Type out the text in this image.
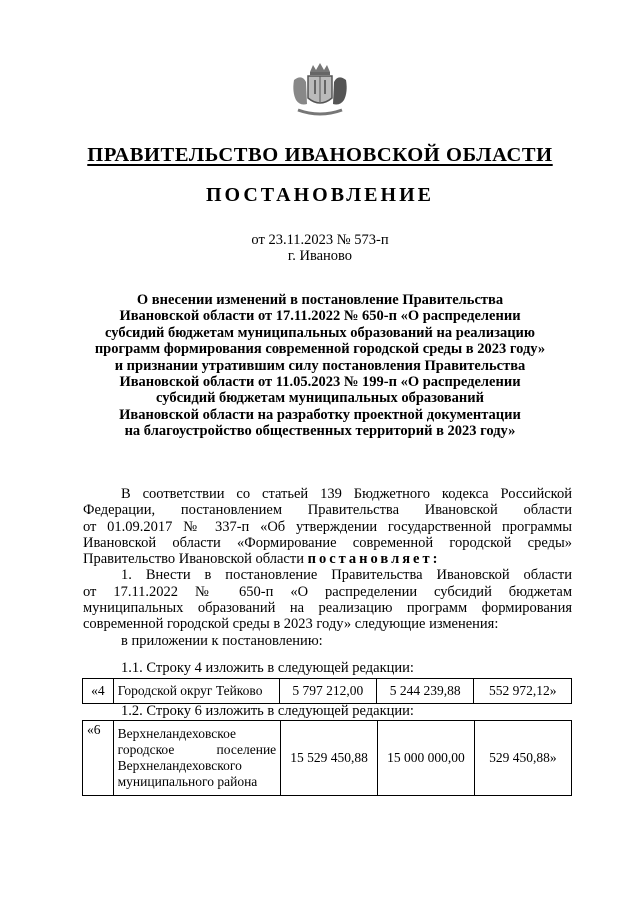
ПРАВИТЕЛЬСТВО ИВАНОВСКОЙ ОБЛАСТИ
ПОСТАНОВЛЕНИЕ
от 23.11.2023 № 573-п
г. Иваново
О внесении изменений в постановление Правительства
Ивановской области от 17.11.2022 № 650-п «О распределении
субсидий бюджетам муниципальных образований на реализацию
программ формирования современной городской среды в 2023 году»
и признании утратившим силу постановления Правительства
Ивановской области от 11.05.2023 № 199-п «О распределении
субсидий бюджетам муниципальных образований
Ивановской области на разработку проектной документации
на благоустройство общественных территорий в 2023 году»
В соответствии со статьей 139 Бюджетного кодекса Российской
Федерации, постановлением Правительства Ивановской области
от 01.09.2017 № 337-п «Об утверждении государственной программы
Ивановской области «Формирование современной городской среды»
Правительство Ивановской области постановляет:
1. Внести в постановление Правительства Ивановской области
от 17.11.2022 № 650-п «О распределении субсидий бюджетам
муниципальных образований на реализацию программ формирования
современной городской среды в 2023 году» следующие изменения:
в приложении к постановлению:
1.1. Строку 4 изложить в следующей редакции:
«4	Городской округ Тейково	5 797 212,00	5 244 239,88	552 972,12»
1.2. Строку 6 изложить в следующей редакции:
«6	Верхнеландеховское
городское поселение
Верхнеландеховского
муниципального района
	15 529 450,88	15 000 000,00	529 450,88»
